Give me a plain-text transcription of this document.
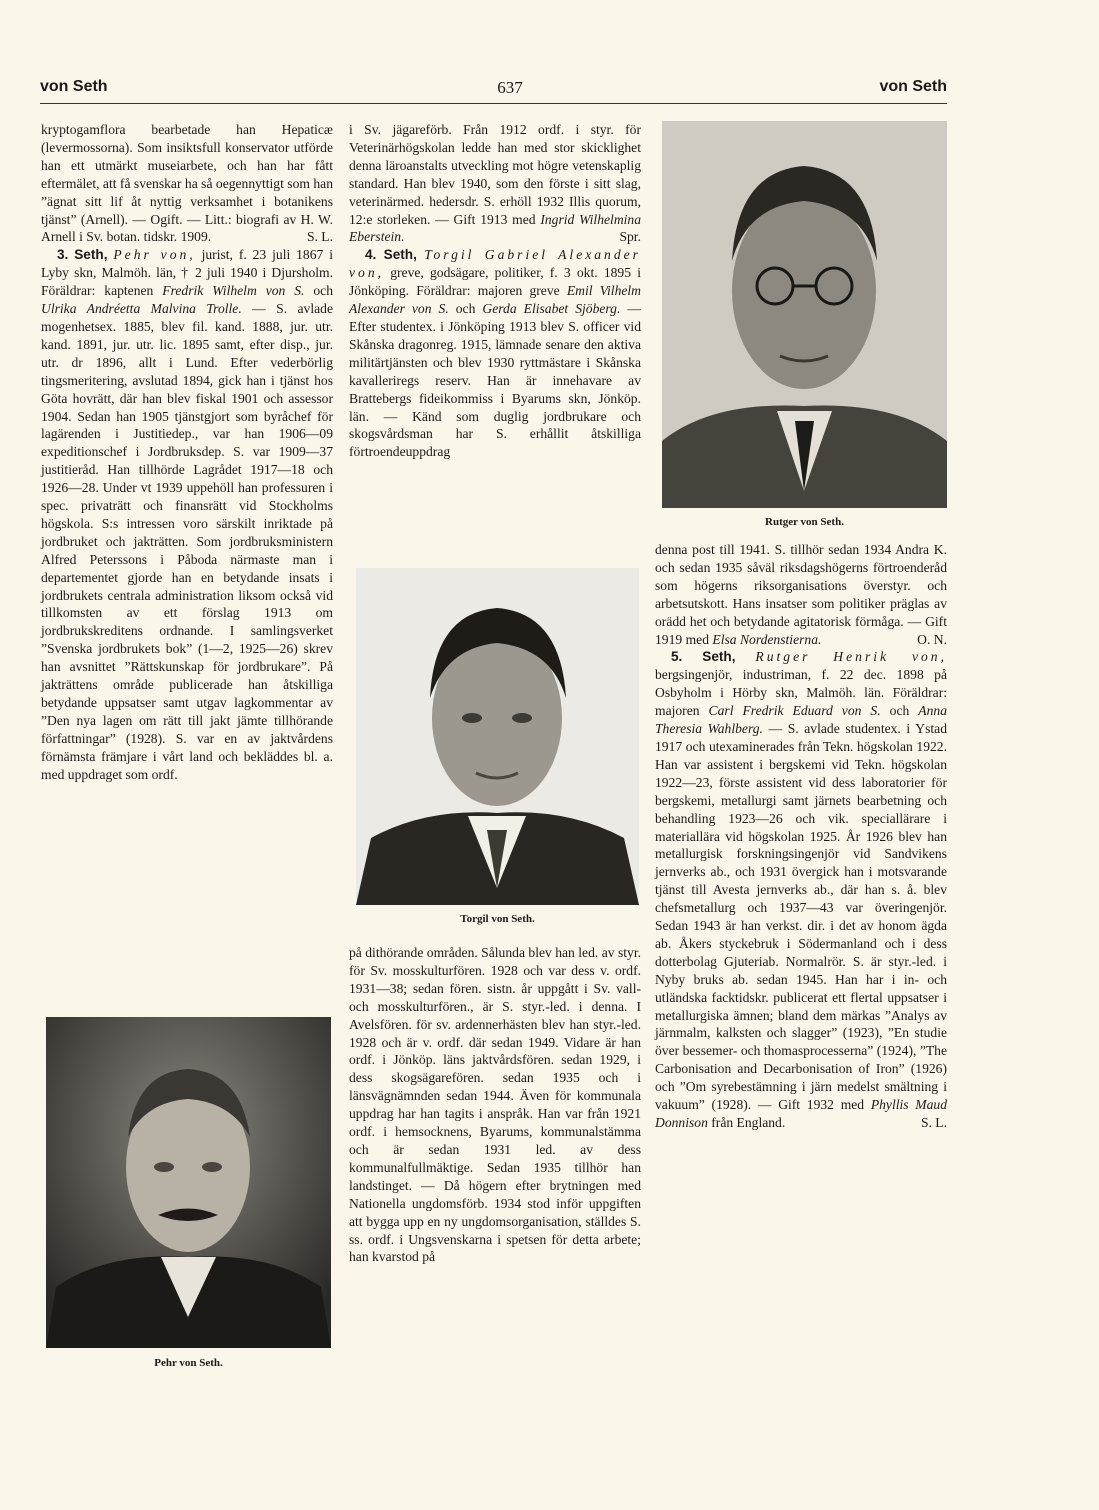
von Seth	637	von Seth

kryptogamflora bearbetade han Hepaticæ (levermossorna). Som insiktsfull konservator utförde han ett utmärkt museiarbete, och han har fått eftermälet, att få svenskar ha så oegennyttigt som han ”ägnat sitt lif åt nyttig verksamhet i botanikens tjänst” (Arnell). — Ogift. — Litt.: biografi av H. W. Arnell i Sv. botan. tidskr. 1909.	S. L.

3. Seth, Pehr von, jurist, f. 23 juli 1867 i Lyby skn, Malmöh. län, † 2 juli 1940 i Djursholm. Föräldrar: kaptenen Fredrik Wilhelm von S. och Ulrika Andréetta Malvina Trolle. — S. avlade mogenhetsex. 1885, blev fil. kand. 1888, jur. utr. kand. 1891, jur. utr. lic. 1895 samt, efter disp., jur. utr. dr 1896, allt i Lund. Efter vederbörlig tingsmeritering, avslutad 1894, gick han i tjänst hos Göta hovrätt, där han blev fiskal 1901 och assessor 1904. Sedan han 1905 tjänstgjort som byråchef för lagärenden i Justitiedep., var han 1906—09 expeditionschef i Jordbruksdep. S. var 1909—37 justitieråd. Han tillhörde Lagrådet 1917—18 och 1926—28. Under vt 1939 uppehöll han professuren i spec. privaträtt och finansrätt vid Stockholms högskola. S:s intressen voro särskilt inriktade på jordbruket och jakträtten. Som jordbruksministern Alfred Peterssons i Påboda närmaste man i departementet gjorde han en betydande insats i jordbrukets centrala administration liksom också vid tillkomsten av ett förslag 1913 om jordbrukskreditens ordnande. I samlingsverket ”Svenska jordbrukets bok” (1—2, 1925—26) skrev han avsnittet ”Rättskunskap för jordbrukare”. På jakträttens område publicerade han åtskilliga betydande uppsatser samt utgav lagkommentar av ”Den nya lagen om rätt till jakt jämte tillhörande författningar” (1928). S. var en av jaktvårdens förnämsta främjare i vårt land och bekläddes bl. a. med uppdraget som ordf.

Pehr von Seth.

i Sv. jägareförb. Från 1912 ordf. i styr. för Veterinärhögskolan ledde han med stor skicklighet denna läroanstalts utveckling mot högre vetenskaplig standard. Han blev 1940, som den förste i sitt slag, veterinärmed. hedersdr. S. erhöll 1932 Illis quorum, 12:e storleken. — Gift 1913 med Ingrid Wilhelmina Eberstein.	Spr.

4. Seth, Torgil Gabriel Alexander von, greve, godsägare, politiker, f. 3 okt. 1895 i Jönköping. Föräldrar: majoren greve Emil Vilhelm Alexander von S. och Gerda Elisabet Sjöberg. — Efter studentex. i Jönköping 1913 blev S. officer vid Skånska dragonreg. 1915, lämnade senare den aktiva militärtjänsten och blev 1930 ryttmästare i Skånska kavalleriregs reserv. Han är innehavare av Brattebergs fideikommiss i Byarums skn, Jönköp. län. — Känd som duglig jordbrukare och skogsvårdsman har S. erhållit åtskilliga förtroendeuppdrag

Torgil von Seth.

på dithörande områden. Sålunda blev han led. av styr. för Sv. mosskulturfören. 1928 och var dess v. ordf. 1931—38; sedan fören. sistn. år uppgått i Sv. vall- och mosskulturfören., är S. styr.-led. i denna. I Avelsfören. för sv. ardennerhästen blev han styr.-led. 1928 och är v. ordf. där sedan 1949. Vidare är han ordf. i Jönköp. läns jaktvårdsfören. sedan 1929, i dess skogsägarefören. sedan 1935 och i länsvägnämnden sedan 1944. Även för kommunala uppdrag har han tagits i anspråk. Han var från 1921 ordf. i hemsocknens, Byarums, kommunalstämma och är sedan 1931 led. av dess kommunalfullmäktige. Sedan 1935 tillhör han landstinget. — Då högern efter brytningen med Nationella ungdomsförb. 1934 stod inför uppgiften att bygga upp en ny ungdomsorganisation, ställdes S. ss. ordf. i Ungsvenskarna i spetsen för detta arbete; han kvarstod på

Rutger von Seth.

denna post till 1941. S. tillhör sedan 1934 Andra K. och sedan 1935 såväl riksdagshögerns förtroenderåd som högerns riksorganisations överstyr. och arbetsutskott. Hans insatser som politiker präglas av orädd het och betydande agitatorisk förmåga. — Gift 1919 med Elsa Nordenstierna.	O. N.

5. Seth, Rutger Henrik von, bergsingenjör, industriman, f. 22 dec. 1898 på Osbyholm i Hörby skn, Malmöh. län. Föräldrar: majoren Carl Fredrik Eduard von S. och Anna Theresia Wahlberg. — S. avlade studentex. i Ystad 1917 och utexaminerades från Tekn. högskolan 1922. Han var assistent i bergskemi vid Tekn. högskolan 1922—23, förste assistent vid dess laboratorier för bergskemi, metallurgi samt järnets bearbetning och behandling 1923—26 och vik. speciallärare i materiallära vid högskolan 1925. År 1926 blev han metallurgisk forskningsingenjör vid Sandvikens jernverks ab., och 1931 övergick han i motsvarande tjänst till Avesta jernverks ab., där han s. å. blev chefsmetallurg och 1937—43 var överingenjör. Sedan 1943 är han verkst. dir. i det av honom ägda ab. Åkers styckebruk i Södermanland och i dess dotterbolag Gjuteriab. Normalrör. S. är styr.-led. i Nyby bruks ab. sedan 1945. Han har i in- och utländska facktidskr. publicerat ett flertal uppsatser i metallurgiska ämnen; bland dem märkas ”Analys av järnmalm, kalksten och slagger” (1923), ”En studie över bessemer- och thomasprocesserna” (1924), ”The Carbonisation and Decarbonisation of Iron” (1926) och ”Om syrebestämning i järn medelst smältning i vakuum” (1928). — Gift 1932 med Phyllis Maud Donnison från England.	S. L.
